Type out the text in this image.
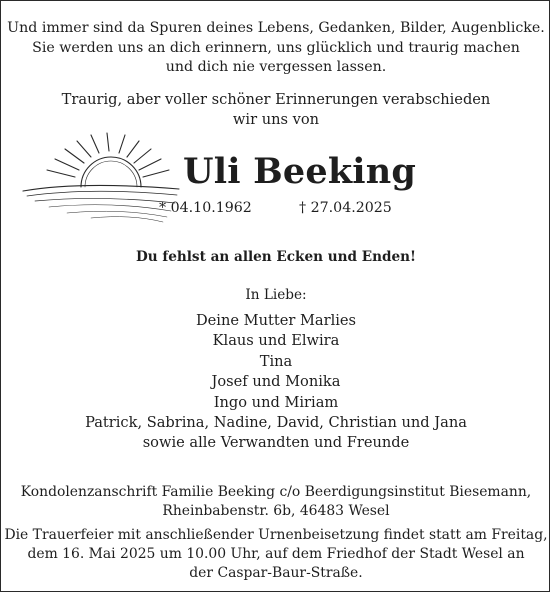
Und immer sind da Spuren deines Lebens, Gedanken, Bilder, Augenblicke.
Sie werden uns an dich erinnern, uns glücklich und traurig machen
und dich nie vergessen lassen.
Traurig, aber voller schöner Erinnerungen verabschieden
wir uns von
Uli Beeking
* 04.10.1962	† 27.04.2025
Du fehlst an allen Ecken und Enden!
In Liebe:
Deine Mutter Marlies
Klaus und Elwira
Tina
Josef und Monika
Ingo und Miriam
Patrick, Sabrina, Nadine, David, Christian und Jana
sowie alle Verwandten und Freunde
Kondolenzanschrift Familie Beeking c/o Beerdigungsinstitut Biesemann,
Rheinbabenstr. 6b, 46483 Wesel
Die Trauerfeier mit anschließender Urnenbeisetzung findet statt am Freitag,
dem 16. Mai 2025 um 10.00 Uhr, auf dem Friedhof der Stadt Wesel an
der Caspar-Baur-Straße.
